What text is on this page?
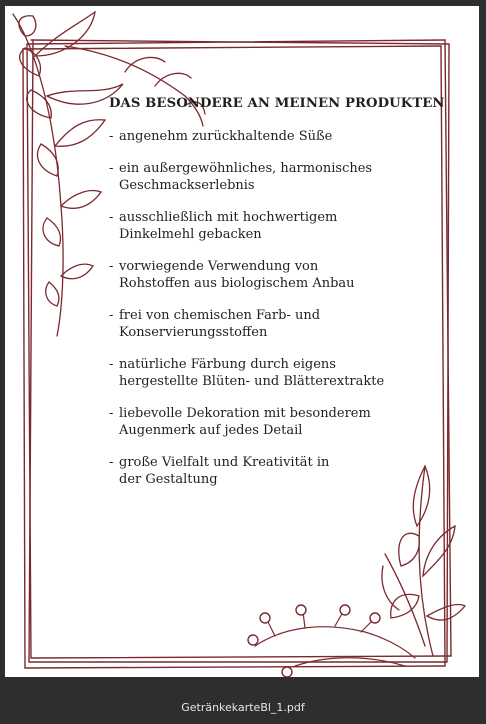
DAS BESONDERE AN MEINEN PRODUKTEN
- angenehm zurückhaltende Süße
- ein außergewöhnliches, harmonisches
Geschmackserlebnis
- ausschließlich mit hochwertigem
Dinkelmehl gebacken
- vorwiegende Verwendung von
Rohstoffen aus biologischem Anbau
- frei von chemischen Farb- und
Konservierungsstoffen
- natürliche Färbung durch eigens
hergestellte Blüten- und Blätterextrakte
- liebevolle Dekoration mit besonderem
Augenmerk auf jedes Detail
- große Vielfalt und Kreativität in
der Gestaltung
GetränkekarteBl_1.pdf
